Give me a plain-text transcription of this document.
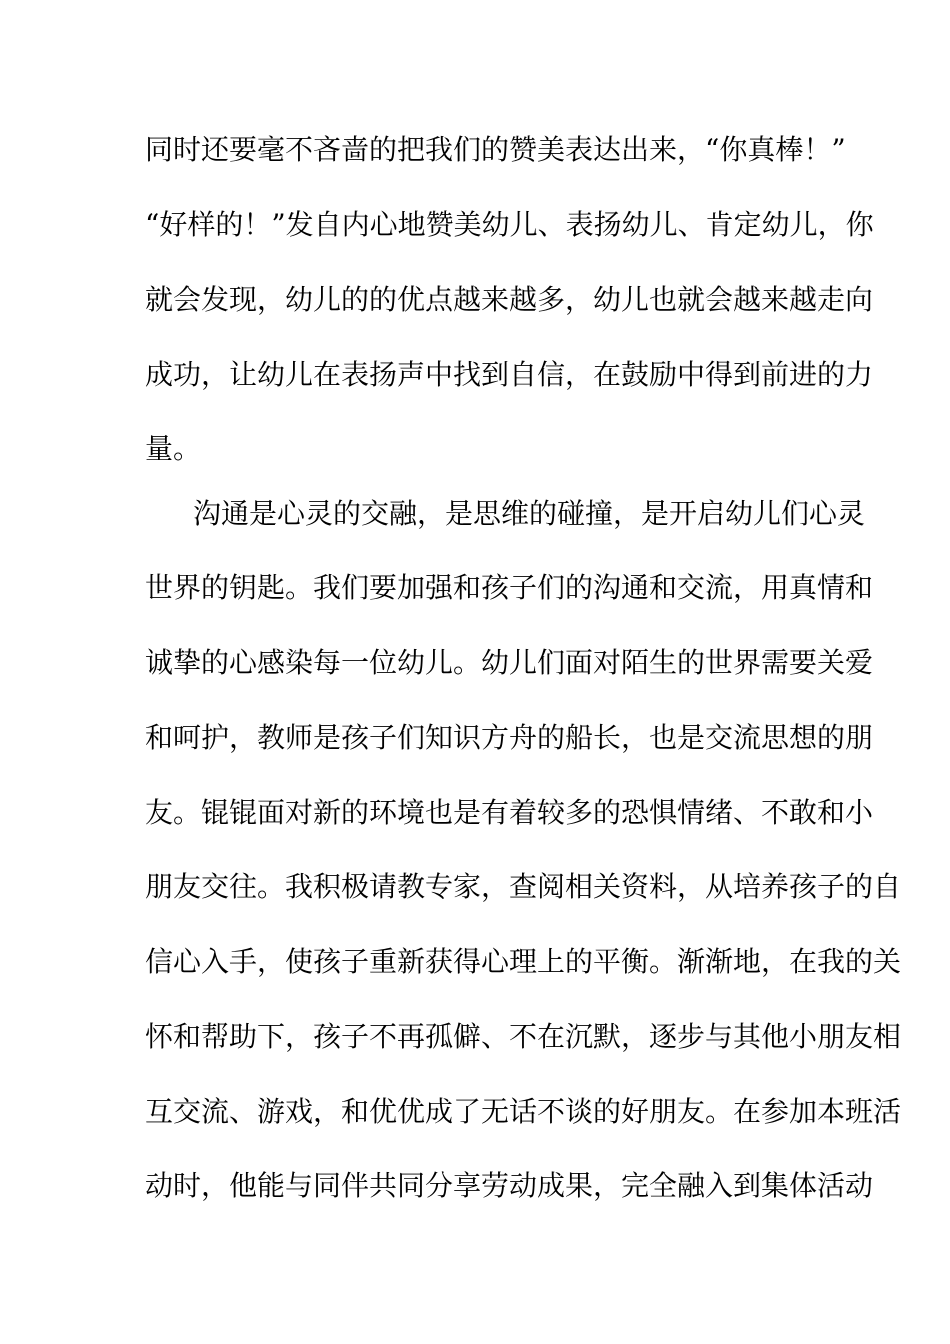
同时还要毫不吝啬的把我们的赞美表达出来，“你真棒！”
“好样的！”发自内心地赞美幼儿、表扬幼儿、肯定幼儿，你
就会发现，幼儿的的优点越来越多，幼儿也就会越来越走向
成功，让幼儿在表扬声中找到自信，在鼓励中得到前进的力
量。
沟通是心灵的交融，是思维的碰撞，是开启幼儿们心灵
世界的钥匙。我们要加强和孩子们的沟通和交流，用真情和
诚挚的心感染每一位幼儿。幼儿们面对陌生的世界需要关爱
和呵护，教师是孩子们知识方舟的船长，也是交流思想的朋
友。锟锟面对新的环境也是有着较多的恐惧情绪、不敢和小
朋友交往。我积极请教专家，查阅相关资料，从培养孩子的自
信心入手，使孩子重新获得心理上的平衡。渐渐地，在我的关
怀和帮助下，孩子不再孤僻、不在沉默，逐步与其他小朋友相
互交流、游戏，和优优成了无话不谈的好朋友。在参加本班活
动时，他能与同伴共同分享劳动成果，完全融入到集体活动
